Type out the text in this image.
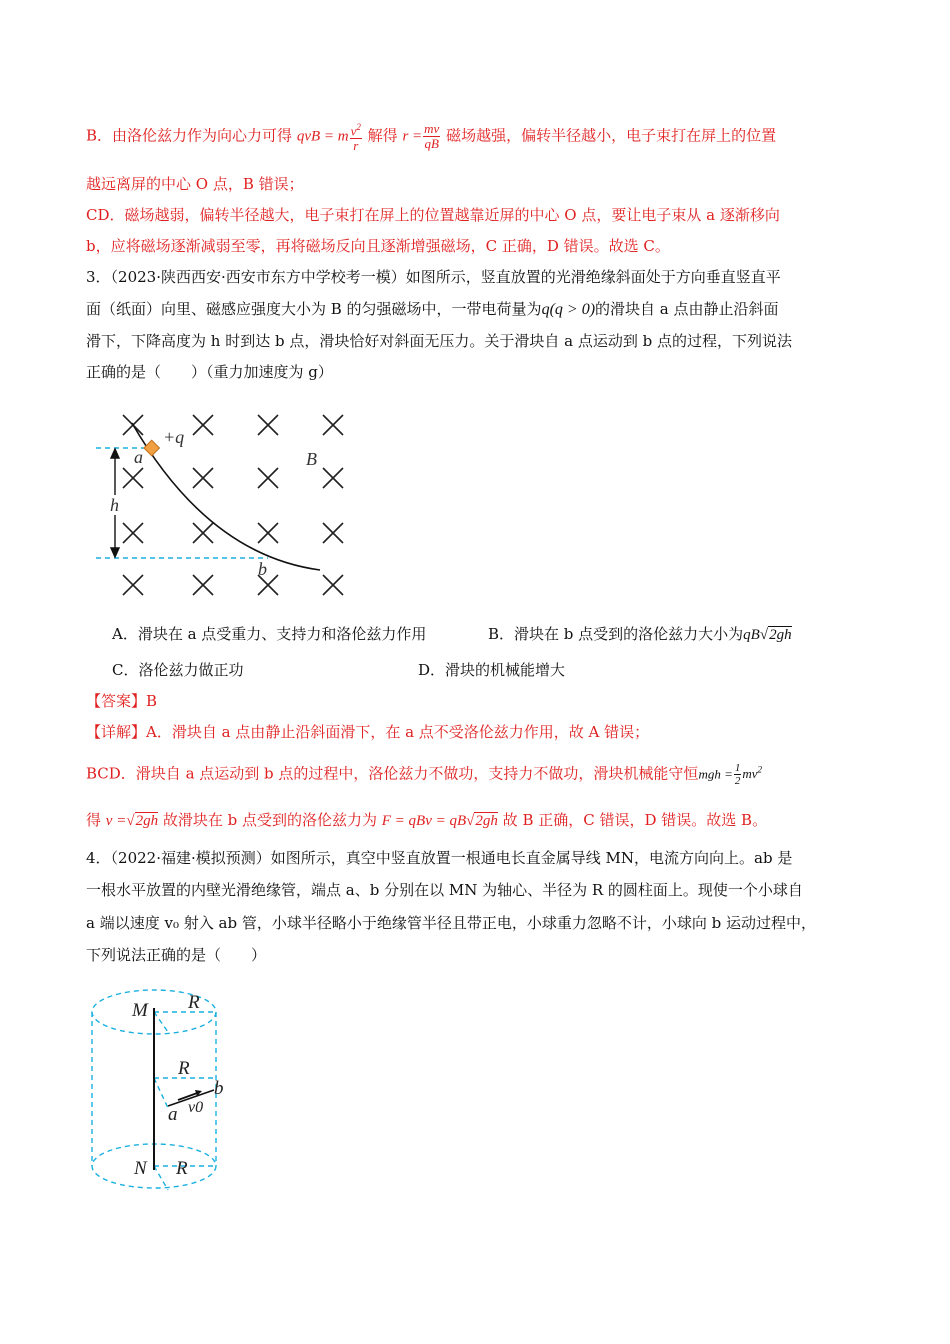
B．由洛伦兹力作为向心力可得 qvB = m $\frac{v^2}{r}$ 解得 $r = \frac{mv}{qB}$ 磁场越强，偏转半径越小，电子束打在屏上的位置
越远离屏的中心 O 点，B 错误；
CD．磁场越弱，偏转半径越大，电子束打在屏上的位置越靠近屏的中心 O 点，要让电子束从 a 逐渐移向
b，应将磁场逐渐减弱至零，再将磁场反向且逐渐增强磁场，C 正确，D 错误。故选 C。
3．（2023·陕西西安·西安市东方中学校考一模）如图所示，竖直放置的光滑绝缘斜面处于方向垂直竖直平
面（纸面）向里、磁感应强度大小为 B 的匀强磁场中，一带电荷量为q(q > 0)的滑块自 a 点由静止沿斜面
滑下，下降高度为 h 时到达 b 点，滑块恰好对斜面无压力。关于滑块自 a 点运动到 b 点的过程，下列说法
正确的是（　　）（重力加速度为 g）
+q
a
h
B
b
A．滑块在 a 点受重力、支持力和洛伦兹力作用	B．滑块在 b 点受到的洛伦兹力大小为qB√2gh
C．洛伦兹力做正功	D．滑块的机械能增大
【答案】B
【详解】A．滑块自 a 点由静止沿斜面滑下，在 a 点不受洛伦兹力作用，故 A 错误；
BCD．滑块自 a 点运动到 b 点的过程中，洛伦兹力不做功，支持力不做功，滑块机械能守恒mgh = $\frac{1}{2} mv^2$
得 v =√2gh 故滑块在 b 点受到的洛伦兹力为 F = qBv = qB√2gh 故 B 正确，C 错误，D 错误。故选 B。
4．（2022·福建·模拟预测）如图所示，真空中竖直放置一根通电长直金属导线 MN，电流方向向上。ab 是
一根水平放置的内壁光滑绝缘管，端点 a、b 分别在以 MN 为轴心、半径为 R 的圆柱面上。现使一个小球自
a 端以速度 v₀ 射入 ab 管，小球半径略小于绝缘管半径且带正电，小球重力忽略不计，小球向 b 运动过程中，
下列说法正确的是（　　）
M R
R
b
a v0
N R
